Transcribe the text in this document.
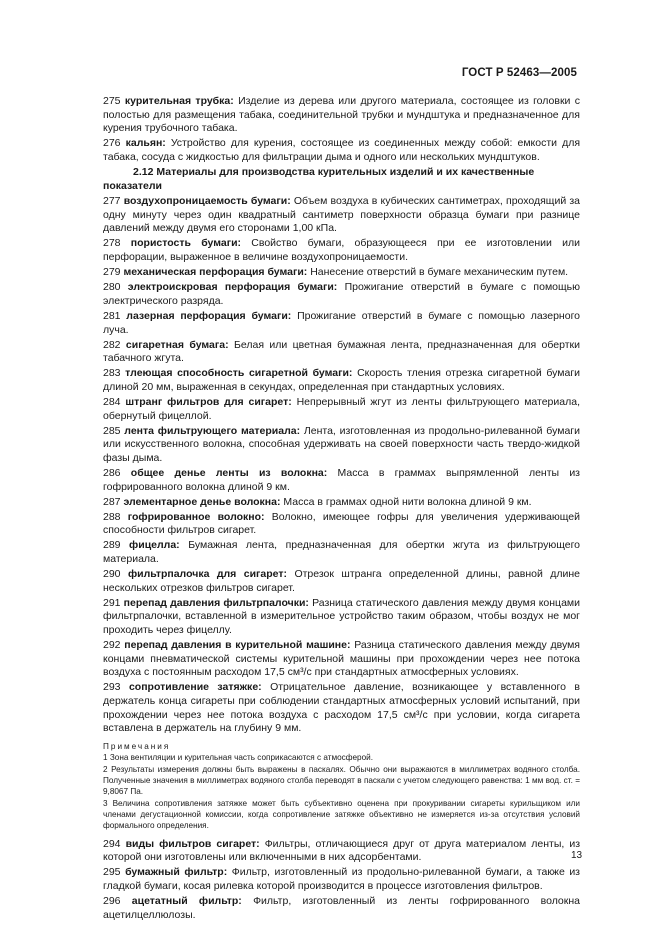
ГОСТ Р 52463—2005
275 курительная трубка: Изделие из дерева или другого материала, состоящее из головки с полостью для размещения табака, соединительной трубки и мундштука и предназначенное для курения трубочного табака.
276 кальян: Устройство для курения, состоящее из соединенных между собой: емкости для табака, сосуда с жидкостью для фильтрации дыма и одного или нескольких мундштуков.
2.12 Материалы для производства курительных изделий и их качественные показатели
277 воздухопроницаемость бумаги: Объем воздуха в кубических сантиметрах, проходящий за одну минуту через один квадратный сантиметр поверхности образца бумаги при разнице давлений между двумя его сторонами 1,00 кПа.
278 пористость бумаги: Свойство бумаги, образующееся при ее изготовлении или перфорации, выраженное в величине воздухопроницаемости.
279 механическая перфорация бумаги: Нанесение отверстий в бумаге механическим путем.
280 электроискровая перфорация бумаги: Прожигание отверстий в бумаге с помощью электрического разряда.
281 лазерная перфорация бумаги: Прожигание отверстий в бумаге с помощью лазерного луча.
282 сигаретная бумага: Белая или цветная бумажная лента, предназначенная для обертки табачного жгута.
283 тлеющая способность сигаретной бумаги: Скорость тления отрезка сигаретной бумаги длиной 20 мм, выраженная в секундах, определенная при стандартных условиях.
284 штранг фильтров для сигарет: Непрерывный жгут из ленты фильтрующего материала, обернутый фицеллой.
285 лента фильтрующего материала: Лента, изготовленная из продольно-рилеванной бумаги или искусственного волокна, способная удерживать на своей поверхности часть твердо-жидкой фазы дыма.
286 общее денье ленты из волокна: Масса в граммах выпрямленной ленты из гофрированного волокна длиной 9 км.
287 элементарное денье волокна: Масса в граммах одной нити волокна длиной 9 км.
288 гофрированное волокно: Волокно, имеющее гофры для увеличения удерживающей способности фильтров сигарет.
289 фицелла: Бумажная лента, предназначенная для обертки жгута из фильтрующего материала.
290 фильтрпалочка для сигарет: Отрезок штранга определенной длины, равной длине нескольких отрезков фильтров сигарет.
291 перепад давления фильтрпалочки: Разница статического давления между двумя концами фильтрпалочки, вставленной в измерительное устройство таким образом, чтобы воздух не мог проходить через фицеллу.
292 перепад давления в курительной машине: Разница статического давления между двумя концами пневматической системы курительной машины при прохождении через нее потока воздуха с постоянным расходом 17,5 см³/с при стандартных атмосферных условиях.
293 сопротивление затяжке: Отрицательное давление, возникающее у вставленного в держатель конца сигареты при соблюдении стандартных атмосферных условий испытаний, при прохождении через нее потока воздуха с расходом 17,5 см³/с при условии, когда сигарета вставлена в держатель на глубину 9 мм.
Примечания
1 Зона вентиляции и курительная часть соприкасаются с атмосферой.
2 Результаты измерения должны быть выражены в паскалях. Обычно они выражаются в миллиметрах водяного столба. Полученные значения в миллиметрах водяного столба переводят в паскали с учетом следующего равенства: 1 мм вод. ст. = 9,8067 Па.
3 Величина сопротивления затяжке может быть субъективно оценена при прокуривании сигареты курильщиком или членами дегустационной комиссии, когда сопротивление затяжке объективно не измеряется из-за отсутствия условий формального определения.
294 виды фильтров сигарет: Фильтры, отличающиеся друг от друга материалом ленты, из которой они изготовлены или включенными в них адсорбентами.
295 бумажный фильтр: Фильтр, изготовленный из продольно-рилеванной бумаги, а также из гладкой бумаги, косая рилевка которой производится в процессе изготовления фильтров.
296 ацетатный фильтр: Фильтр, изготовленный из ленты гофрированного волокна ацетилцеллюлозы.
13
